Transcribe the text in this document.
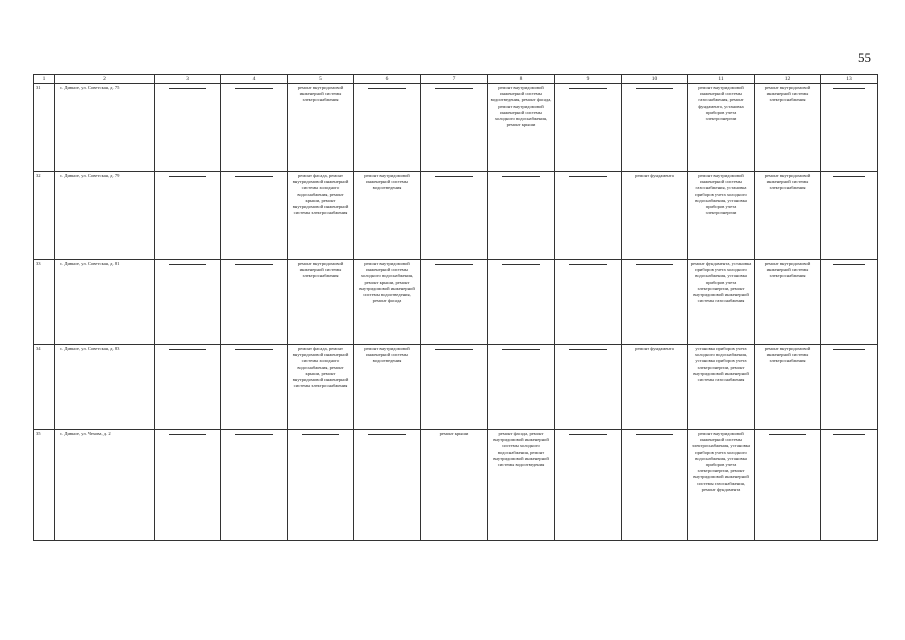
55
1	2	3	4	5	6	7	8	9	10	11	12	13

31	с. Дивное, ул. Советская, д. 75			ремонт внутридомовой инженерной системы электроснабжения			ремонт внутридомовой инженерной системы водоотведения, ремонт фасада, ремонт внутридомовой инженерной системы холодного водоснабжения, ремонт крыши			ремонт внутридомовой инженерной системы газоснабжения, ремонт фундамента, установка приборов учета электроэнергии	ремонт внутридомовой инженерной системы электроснабжения

32	с. Дивное, ул. Советская, д. 79			ремонт фасада, ремонт внутридомовой инженерной системы холодного водоснабжения, ремонт крыши, ремонт внутридомовой инженерной системы электроснабжения	ремонт внутридомовой инженерной системы водоотведения				ремонт фундамента	ремонт внутридомовой инженерной системы газоснабжения, установка приборов учета холодного водоснабжения, установка приборов учета электроэнергии	ремонт внутридомовой инженерной системы электроснабжения

33	с. Дивное, ул. Советская, д. 81			ремонт внутридомовой инженерной системы электроснабжения	ремонт внутридомовой инженерной системы холодного водоснабжения, ремонт крыши, ремонт внутридомовой инженерной системы водоотведения, ремонт фасада					ремонт фундамента, установка приборов учета холодного водоснабжения, установка приборов учета электроэнергии, ремонт внутридомовой инженерной системы газоснабжения	ремонт внутридомовой инженерной системы электроснабжения

34	с. Дивное, ул. Советская, д. 83			ремонт фасада, ремонт внутридомовой инженерной системы холодного водоснабжения, ремонт крыши, ремонт внутридомовой инженерной системы электроснабжения	ремонт внутридомовой инженерной системы водоотведения				ремонт фундамента	установка приборов учета холодного водоснабжения, установка приборов учета электроэнергии, ремонт внутридомовой инженерной системы газоснабжения	ремонт внутридомовой инженерной системы электроснабжения

35	с. Дивное, ул. Чехова, д. 2					ремонт крыши	ремонт фасада, ремонт внутридомовой инженерной системы холодного водоснабжения, ремонт внутридомовой инженерной системы водоотведения			ремонт внутридомовой инженерной системы электроснабжения, установка приборов учета холодного водоснабжения, установка приборов учета электроэнергии, ремонт внутридомовой инженерной системы газоснабжения, ремонт фундамента
